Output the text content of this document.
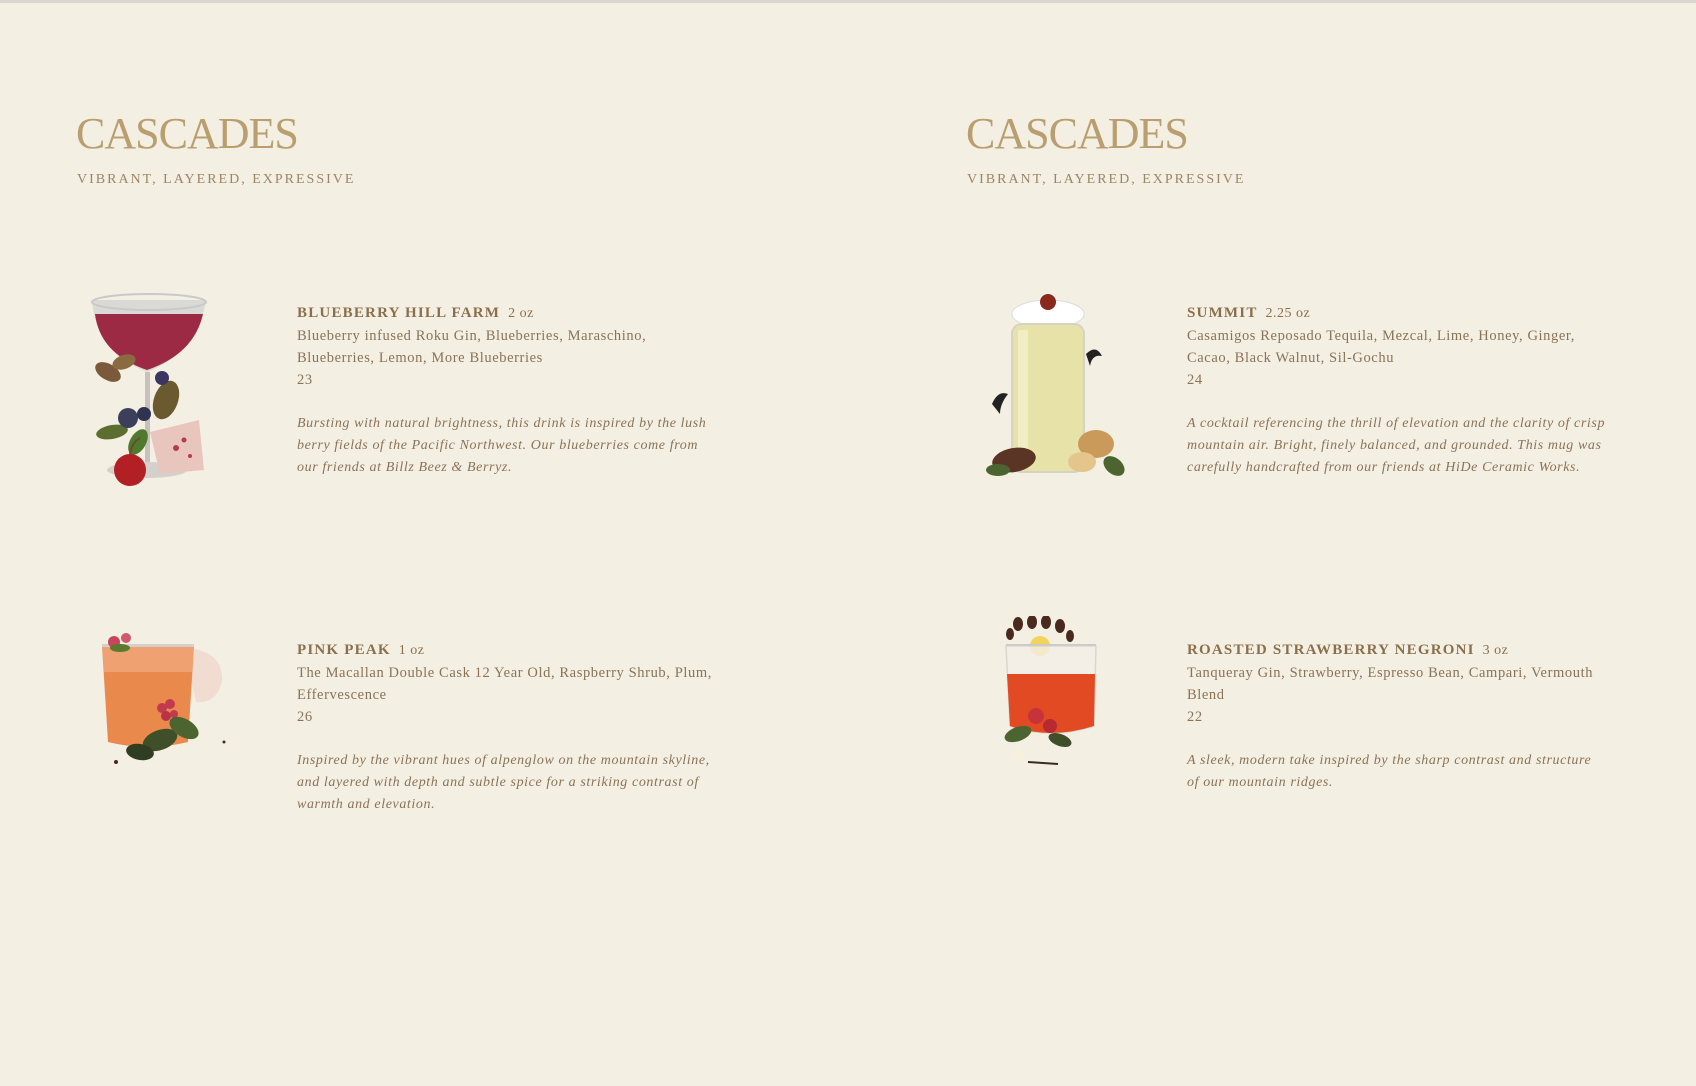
CASCADES
VIBRANT, LAYERED, EXPRESSIVE
BLUEBERRY HILL FARM 2 oz
Blueberry infused Roku Gin, Blueberries, Maraschino, Blueberries, Lemon, More Blueberries
23
Bursting with natural brightness, this drink is inspired by the lush berry fields of the Pacific Northwest. Our blueberries come from our friends at Billz Beez & Berryz.
PINK PEAK 1 oz
The Macallan Double Cask 12 Year Old, Raspberry Shrub, Plum, Effervescence
26
Inspired by the vibrant hues of alpenglow on the mountain skyline, and layered with depth and subtle spice for a striking contrast of warmth and elevation.
CASCADES
VIBRANT, LAYERED, EXPRESSIVE
SUMMIT 2.25 oz
Casamigos Reposado Tequila, Mezcal, Lime, Honey, Ginger, Cacao, Black Walnut, Sil-Gochu
24
A cocktail referencing the thrill of elevation and the clarity of crisp mountain air. Bright, finely balanced, and grounded. This mug was carefully handcrafted from our friends at HiDe Ceramic Works.
ROASTED STRAWBERRY NEGRONI 3 oz
Tanqueray Gin, Strawberry, Espresso Bean, Campari, Vermouth Blend
22
A sleek, modern take inspired by the sharp contrast and structure of our mountain ridges.
